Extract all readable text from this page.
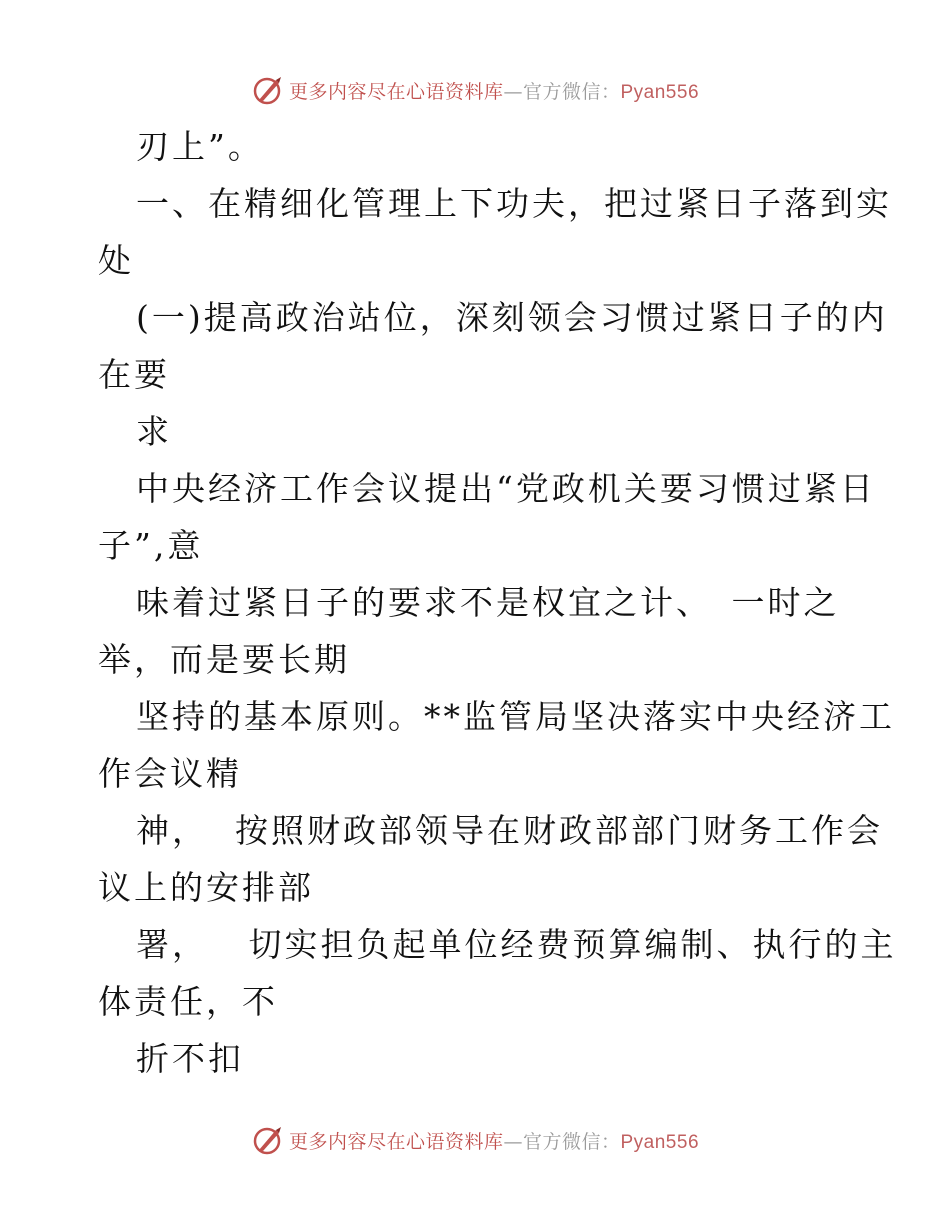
更多内容尽在心语资料库—官方微信：Pyan556
刃上”。
一、在精细化管理上下功夫，把过紧日子落到实
处
(一)提高政治站位，深刻领会习惯过紧日子的内
在要
求
中央经济工作会议提出“党政机关要习惯过紧日
子”,意
味着过紧日子的要求不是权宜之计、　一时之
举，而是要长期
坚持的基本原则。**监管局坚决落实中央经济工
作会议精
神，  按照财政部领导在财政部部门财务工作会
议上的安排部
署，   切实担负起单位经费预算编制、执行的主
体责任，不
折不扣
更多内容尽在心语资料库—官方微信：Pyan556
